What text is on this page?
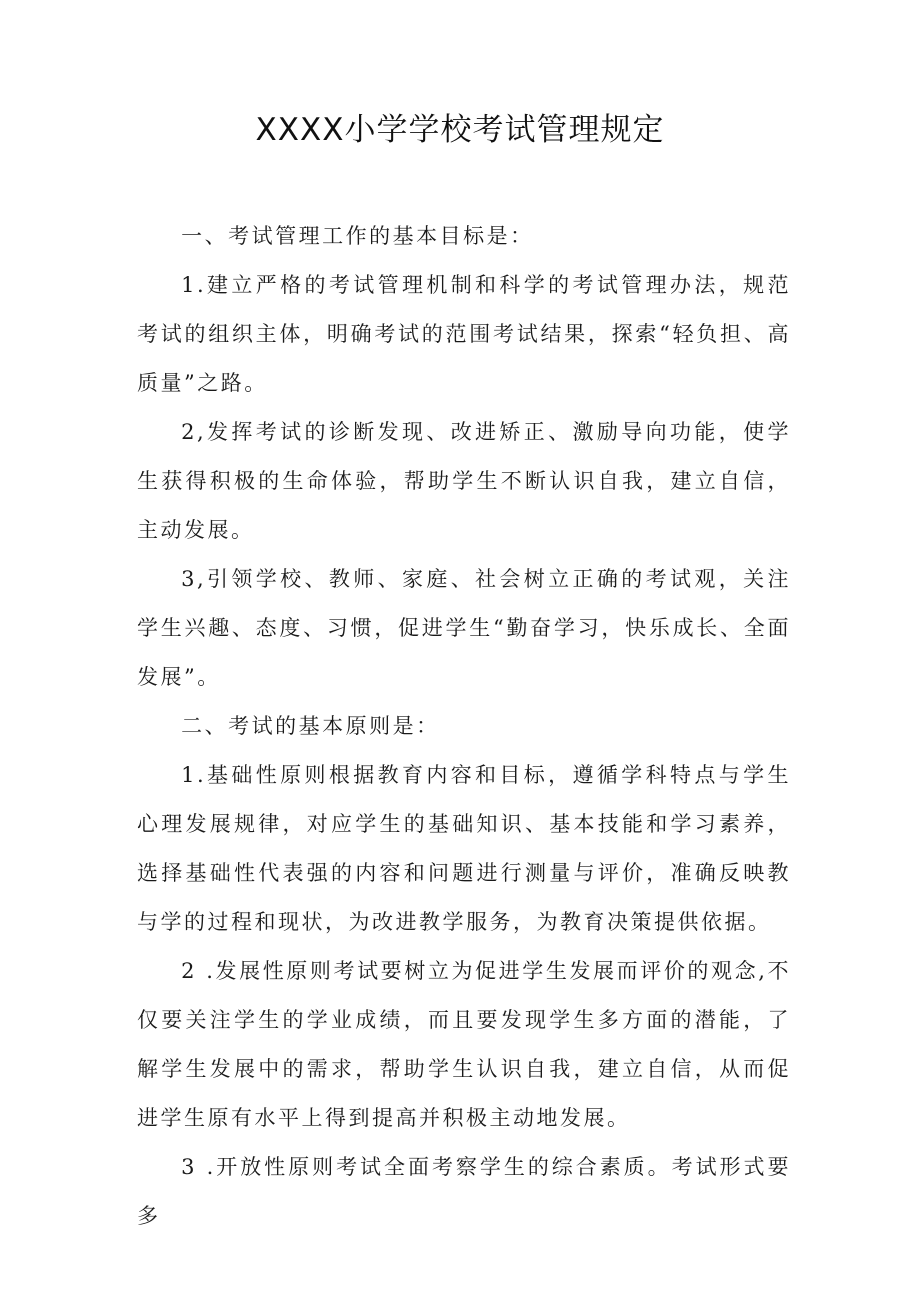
XXXX小学学校考试管理规定

一、考试管理工作的基本目标是：

1.建立严格的考试管理机制和科学的考试管理办法，规范考试的组织主体，明确考试的范围考试结果，探索“轻负担、高质量”之路。

2,发挥考试的诊断发现、改进矫正、激励导向功能，使学生获得积极的生命体验，帮助学生不断认识自我，建立自信，主动发展。

3,引领学校、教师、家庭、社会树立正确的考试观，关注学生兴趣、态度、习惯，促进学生“勤奋学习，快乐成长、全面发展”。

二、考试的基本原则是：

1.基础性原则根据教育内容和目标，遵循学科特点与学生心理发展规律，对应学生的基础知识、基本技能和学习素养，选择基础性代表强的内容和问题进行测量与评价，准确反映教与学的过程和现状，为改进教学服务，为教育决策提供依据。

2 .发展性原则考试要树立为促进学生发展而评价的观念,不仅要关注学生的学业成绩，而且要发现学生多方面的潜能，了解学生发展中的需求，帮助学生认识自我，建立自信，从而促进学生原有水平上得到提高并积极主动地发展。

3 .开放性原则考试全面考察学生的综合素质。考试形式要多
